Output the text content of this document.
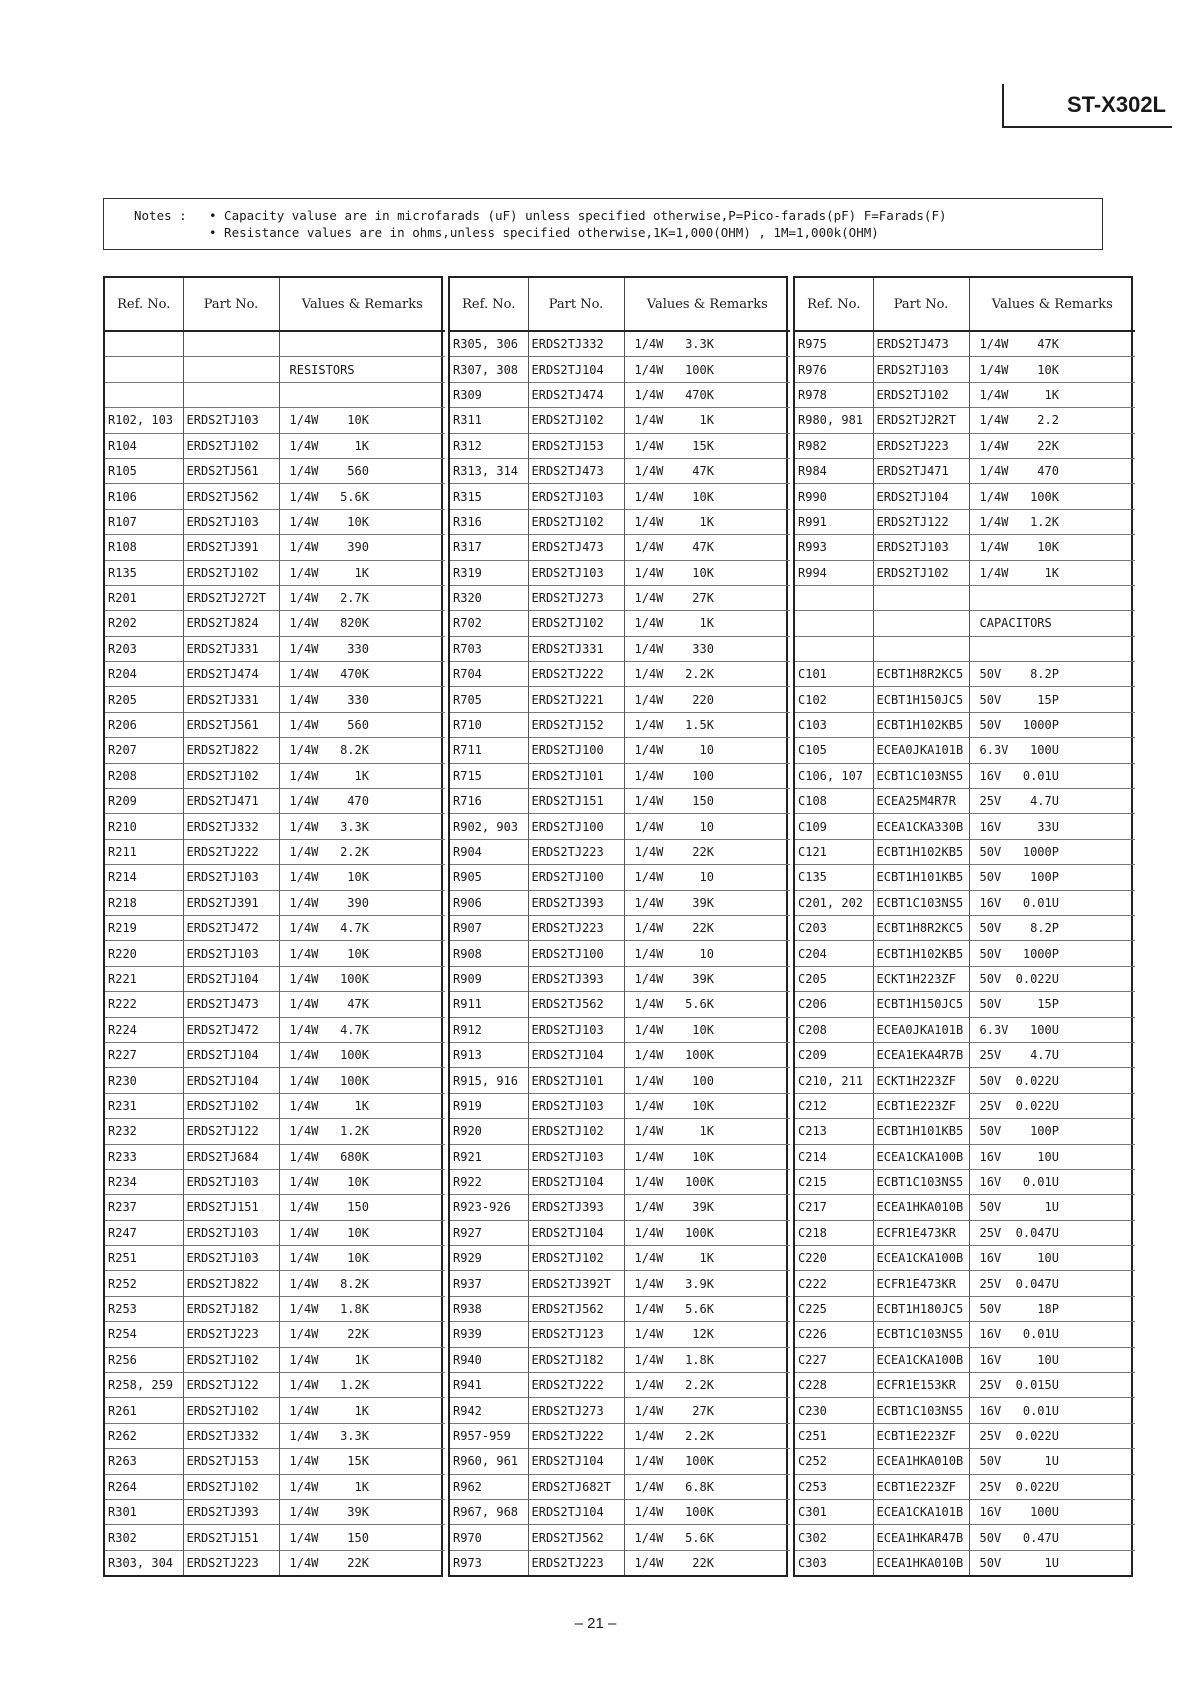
ST-X302L
Notes :	• Capacity valuse are in microfarads (uF) unless specified otherwise,P=Pico-farads(pF) F=Farads(F)
• Resistance values are in ohms,unless specified otherwise,1K=1,000(OHM) , 1M=1,000k(OHM)
Ref. No.	Part No.	Values & Remarks

		RESISTORS

R102, 103	ERDS2TJ103	1/4W    10K
R104	ERDS2TJ102	1/4W     1K
R105	ERDS2TJ561	1/4W    560
R106	ERDS2TJ562	1/4W   5.6K
R107	ERDS2TJ103	1/4W    10K
R108	ERDS2TJ391	1/4W    390
R135	ERDS2TJ102	1/4W     1K
R201	ERDS2TJ272T	1/4W   2.7K
R202	ERDS2TJ824	1/4W   820K
R203	ERDS2TJ331	1/4W    330
R204	ERDS2TJ474	1/4W   470K
R205	ERDS2TJ331	1/4W    330
R206	ERDS2TJ561	1/4W    560
R207	ERDS2TJ822	1/4W   8.2K
R208	ERDS2TJ102	1/4W     1K
R209	ERDS2TJ471	1/4W    470
R210	ERDS2TJ332	1/4W   3.3K
R211	ERDS2TJ222	1/4W   2.2K
R214	ERDS2TJ103	1/4W    10K
R218	ERDS2TJ391	1/4W    390
R219	ERDS2TJ472	1/4W   4.7K
R220	ERDS2TJ103	1/4W    10K
R221	ERDS2TJ104	1/4W   100K
R222	ERDS2TJ473	1/4W    47K
R224	ERDS2TJ472	1/4W   4.7K
R227	ERDS2TJ104	1/4W   100K
R230	ERDS2TJ104	1/4W   100K
R231	ERDS2TJ102	1/4W     1K
R232	ERDS2TJ122	1/4W   1.2K
R233	ERDS2TJ684	1/4W   680K
R234	ERDS2TJ103	1/4W    10K
R237	ERDS2TJ151	1/4W    150
R247	ERDS2TJ103	1/4W    10K
R251	ERDS2TJ103	1/4W    10K
R252	ERDS2TJ822	1/4W   8.2K
R253	ERDS2TJ182	1/4W   1.8K
R254	ERDS2TJ223	1/4W    22K
R256	ERDS2TJ102	1/4W     1K
R258, 259	ERDS2TJ122	1/4W   1.2K
R261	ERDS2TJ102	1/4W     1K
R262	ERDS2TJ332	1/4W   3.3K
R263	ERDS2TJ153	1/4W    15K
R264	ERDS2TJ102	1/4W     1K
R301	ERDS2TJ393	1/4W    39K
R302	ERDS2TJ151	1/4W    150
R303, 304	ERDS2TJ223	1/4W    22K
Ref. No.	Part No.	Values & Remarks
R305, 306	ERDS2TJ332	1/4W   3.3K
R307, 308	ERDS2TJ104	1/4W   100K
R309	ERDS2TJ474	1/4W   470K
R311	ERDS2TJ102	1/4W     1K
R312	ERDS2TJ153	1/4W    15K
R313, 314	ERDS2TJ473	1/4W    47K
R315	ERDS2TJ103	1/4W    10K
R316	ERDS2TJ102	1/4W     1K
R317	ERDS2TJ473	1/4W    47K
R319	ERDS2TJ103	1/4W    10K
R320	ERDS2TJ273	1/4W    27K
R702	ERDS2TJ102	1/4W     1K
R703	ERDS2TJ331	1/4W    330
R704	ERDS2TJ222	1/4W   2.2K
R705	ERDS2TJ221	1/4W    220
R710	ERDS2TJ152	1/4W   1.5K
R711	ERDS2TJ100	1/4W     10
R715	ERDS2TJ101	1/4W    100
R716	ERDS2TJ151	1/4W    150
R902, 903	ERDS2TJ100	1/4W     10
R904	ERDS2TJ223	1/4W    22K
R905	ERDS2TJ100	1/4W     10
R906	ERDS2TJ393	1/4W    39K
R907	ERDS2TJ223	1/4W    22K
R908	ERDS2TJ100	1/4W     10
R909	ERDS2TJ393	1/4W    39K
R911	ERDS2TJ562	1/4W   5.6K
R912	ERDS2TJ103	1/4W    10K
R913	ERDS2TJ104	1/4W   100K
R915, 916	ERDS2TJ101	1/4W    100
R919	ERDS2TJ103	1/4W    10K
R920	ERDS2TJ102	1/4W     1K
R921	ERDS2TJ103	1/4W    10K
R922	ERDS2TJ104	1/4W   100K
R923-926	ERDS2TJ393	1/4W    39K
R927	ERDS2TJ104	1/4W   100K
R929	ERDS2TJ102	1/4W     1K
R937	ERDS2TJ392T	1/4W   3.9K
R938	ERDS2TJ562	1/4W   5.6K
R939	ERDS2TJ123	1/4W    12K
R940	ERDS2TJ182	1/4W   1.8K
R941	ERDS2TJ222	1/4W   2.2K
R942	ERDS2TJ273	1/4W    27K
R957-959	ERDS2TJ222	1/4W   2.2K
R960, 961	ERDS2TJ104	1/4W   100K
R962	ERDS2TJ682T	1/4W   6.8K
R967, 968	ERDS2TJ104	1/4W   100K
R970	ERDS2TJ562	1/4W   5.6K
R973	ERDS2TJ223	1/4W    22K
Ref. No.	Part No.	Values & Remarks
R975	ERDS2TJ473	1/4W    47K
R976	ERDS2TJ103	1/4W    10K
R978	ERDS2TJ102	1/4W     1K
R980, 981	ERDS2TJ2R2T	1/4W    2.2
R982	ERDS2TJ223	1/4W    22K
R984	ERDS2TJ471	1/4W    470
R990	ERDS2TJ104	1/4W   100K
R991	ERDS2TJ122	1/4W   1.2K
R993	ERDS2TJ103	1/4W    10K
R994	ERDS2TJ102	1/4W     1K

		CAPACITORS

C101	ECBT1H8R2KC5	50V    8.2P
C102	ECBT1H150JC5	50V     15P
C103	ECBT1H102KB5	50V   1000P
C105	ECEA0JKA101B	6.3V   100U
C106, 107	ECBT1C103NS5	16V   0.01U
C108	ECEA25M4R7R	25V    4.7U
C109	ECEA1CKA330B	16V     33U
C121	ECBT1H102KB5	50V   1000P
C135	ECBT1H101KB5	50V    100P
C201, 202	ECBT1C103NS5	16V   0.01U
C203	ECBT1H8R2KC5	50V    8.2P
C204	ECBT1H102KB5	50V   1000P
C205	ECKT1H223ZF	50V  0.022U
C206	ECBT1H150JC5	50V     15P
C208	ECEA0JKA101B	6.3V   100U
C209	ECEA1EKA4R7B	25V    4.7U
C210, 211	ECKT1H223ZF	50V  0.022U
C212	ECBT1E223ZF	25V  0.022U
C213	ECBT1H101KB5	50V    100P
C214	ECEA1CKA100B	16V     10U
C215	ECBT1C103NS5	16V   0.01U
C217	ECEA1HKA010B	50V      1U
C218	ECFR1E473KR	25V  0.047U
C220	ECEA1CKA100B	16V     10U
C222	ECFR1E473KR	25V  0.047U
C225	ECBT1H180JC5	50V     18P
C226	ECBT1C103NS5	16V   0.01U
C227	ECEA1CKA100B	16V     10U
C228	ECFR1E153KR	25V  0.015U
C230	ECBT1C103NS5	16V   0.01U
C251	ECBT1E223ZF	25V  0.022U
C252	ECEA1HKA010B	50V      1U
C253	ECBT1E223ZF	25V  0.022U
C301	ECEA1CKA101B	16V    100U
C302	ECEA1HKAR47B	50V   0.47U
C303	ECEA1HKA010B	50V      1U
– 21 –
